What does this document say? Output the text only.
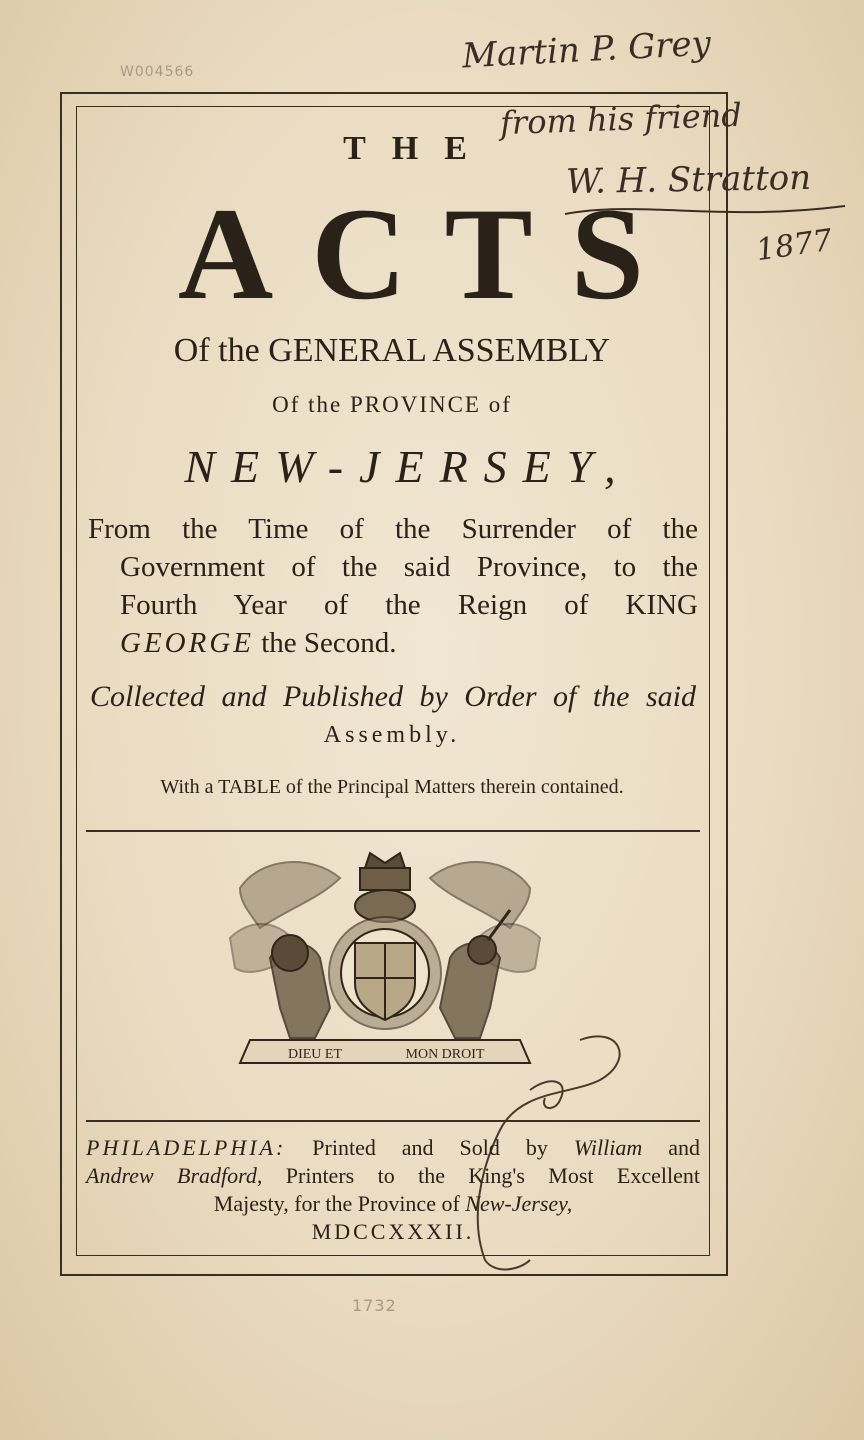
W004566
1732
Martin P. Grey
from his friend
W. H. Stratton
1877
THE
ACTS
Of the GENERAL ASSEMBLY
Of the PROVINCE of
NEW-JERSEY,
From the Time of the Surrender of the
Government of the said Province, to the
Fourth Year of the Reign of KING
GEORGE the Second.
Collected and Published by Order of the said
Assembly.
With a TABLE of the Principal Matters therein contained.
DIEU ET	MON DROIT
PHILADELPHIA: Printed and Sold by William and
Andrew Bradford, Printers to the King's Most Excellent
Majesty, for the Province of New-Jersey,
MDCCXXXII.
